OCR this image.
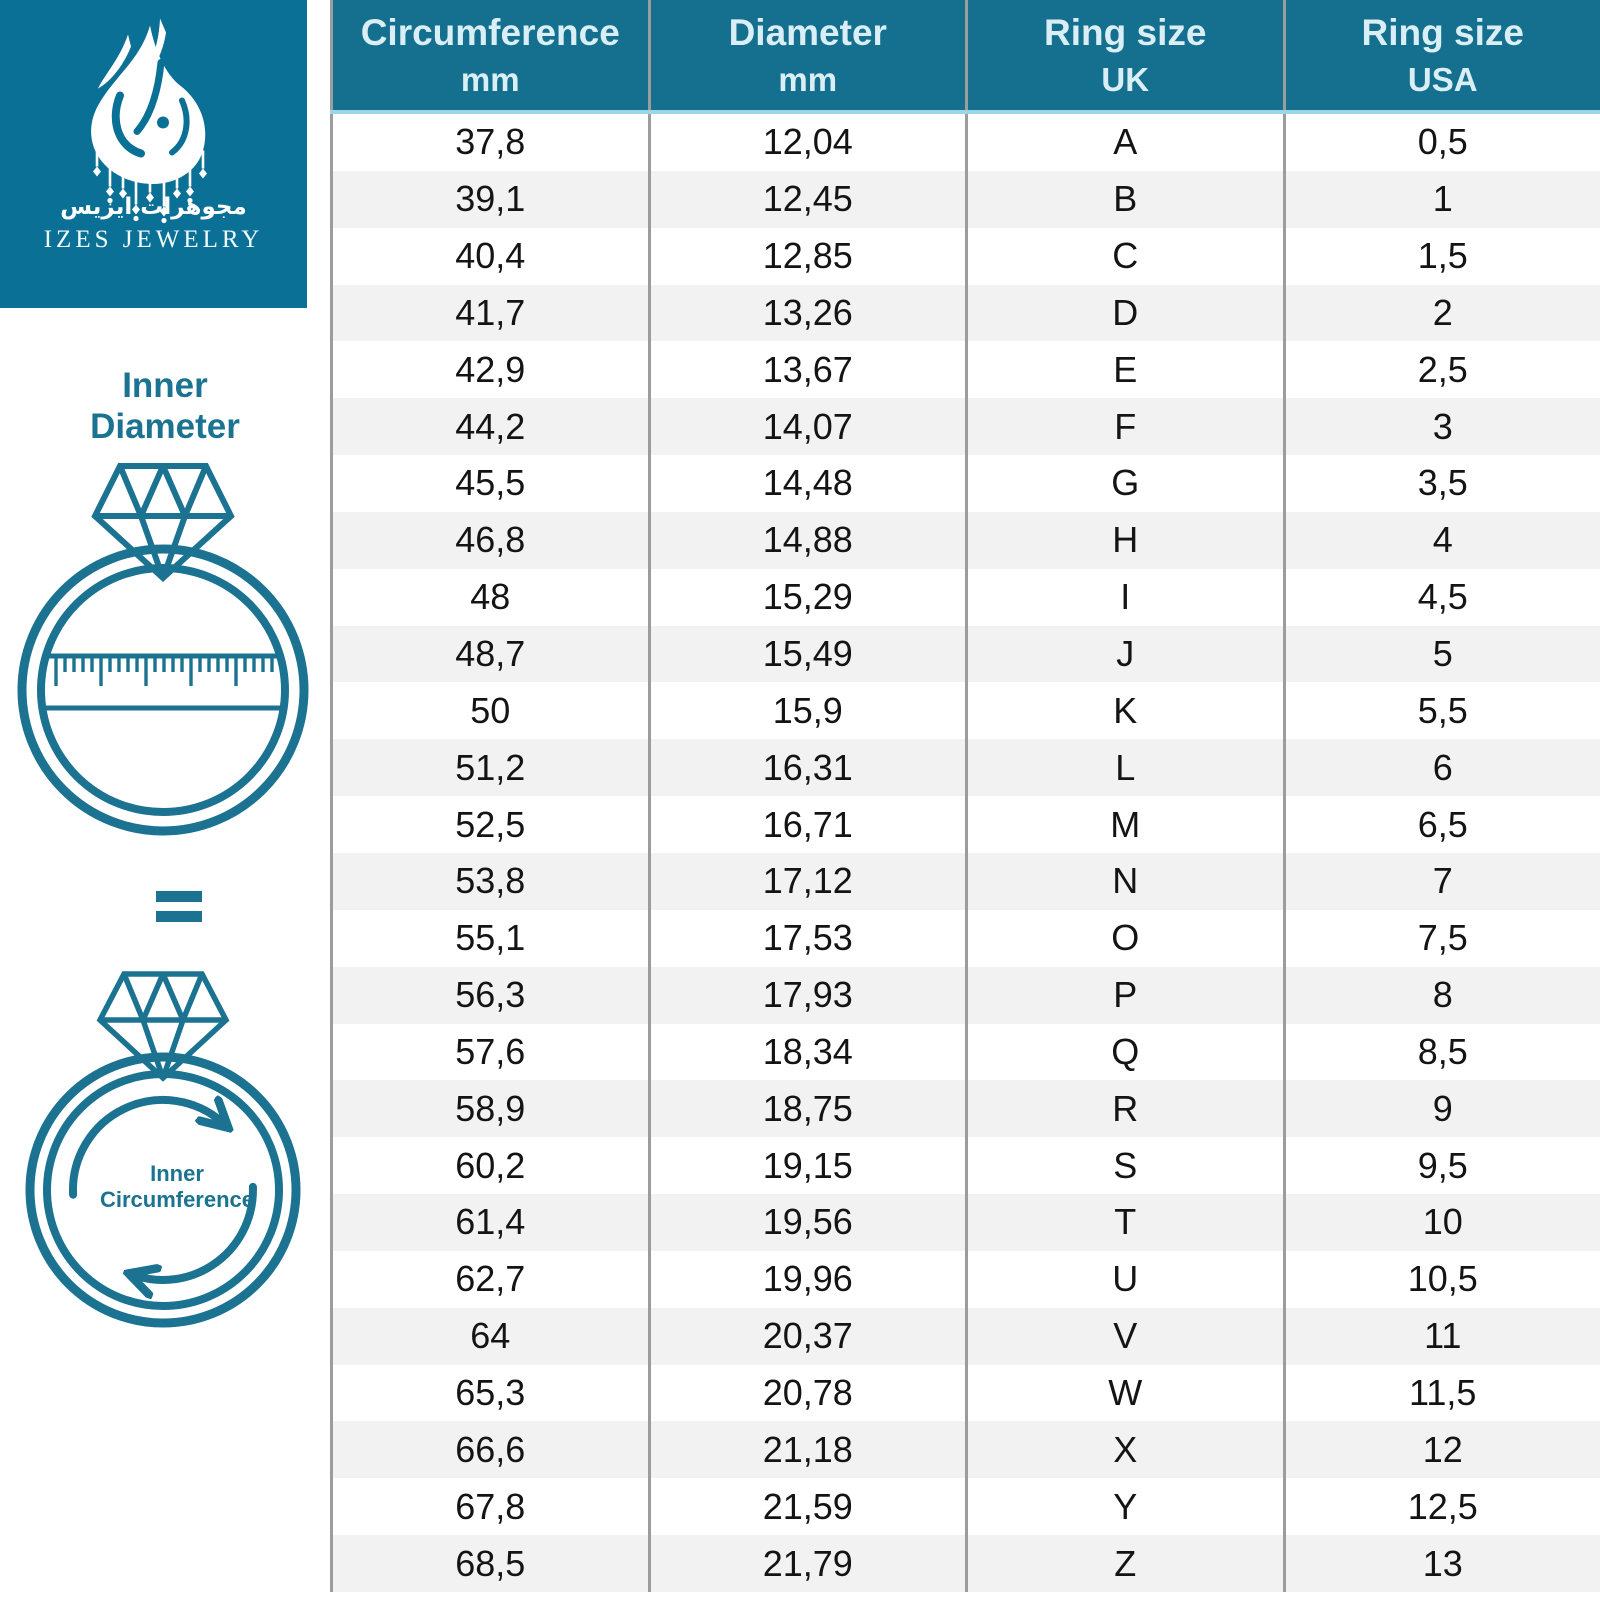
مجوهرات ايزيس
IZES JEWELRY
Inner
Diameter
Inner
Circumference
Circumference
mm
Diameter
mm
Ring size
UK
Ring size
USA
37,8	12,04	A	0,5
39,1	12,45	B	1
40,4	12,85	C	1,5
41,7	13,26	D	2
42,9	13,67	E	2,5
44,2	14,07	F	3
45,5	14,48	G	3,5
46,8	14,88	H	4
48	15,29	I	4,5
48,7	15,49	J	5
50	15,9	K	5,5
51,2	16,31	L	6
52,5	16,71	M	6,5
53,8	17,12	N	7
55,1	17,53	O	7,5
56,3	17,93	P	8
57,6	18,34	Q	8,5
58,9	18,75	R	9
60,2	19,15	S	9,5
61,4	19,56	T	10
62,7	19,96	U	10,5
64	20,37	V	11
65,3	20,78	W	11,5
66,6	21,18	X	12
67,8	21,59	Y	12,5
68,5	21,79	Z	13
